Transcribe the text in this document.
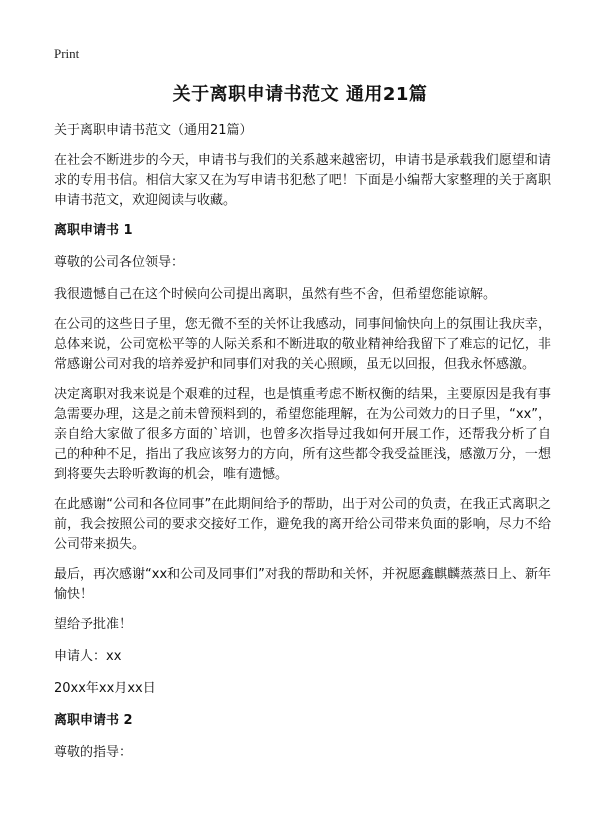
Print
关于离职申请书范文 通用21篇

关于离职申请书范文（通用21篇）

在社会不断进步的今天，申请书与我们的关系越来越密切，申请书是承载我们愿望和请求的专用书信。相信大家又在为写申请书犯愁了吧！下面是小编帮大家整理的关于离职申请书范文，欢迎阅读与收藏。

离职申请书 1

尊敬的公司各位领导：

我很遗憾自己在这个时候向公司提出离职，虽然有些不舍，但希望您能谅解。

在公司的这些日子里，您无微不至的关怀让我感动，同事间愉快向上的氛围让我庆幸，总体来说，公司宽松平等的人际关系和不断进取的敬业精神给我留下了难忘的记忆，非常感谢公司对我的培养爱护和同事们对我的关心照顾，虽无以回报，但我永怀感激。

决定离职对我来说是个艰难的过程，也是慎重考虑不断权衡的结果，主要原因是我有事急需要办理，这是之前未曾预料到的，希望您能理解，在为公司效力的日子里，“xx”，亲自给大家做了很多方面的`培训，也曾多次指导过我如何开展工作，还帮我分析了自己的种种不足，指出了我应该努力的方向，所有这些都令我受益匪浅，感激万分，一想到将要失去聆听教诲的机会，唯有遗憾。

在此感谢“公司和各位同事”在此期间给予的帮助，出于对公司的负责，在我正式离职之前，我会按照公司的要求交接好工作，避免我的离开给公司带来负面的影响，尽力不给公司带来损失。

最后，再次感谢“xx和公司及同事们”对我的帮助和关怀，并祝愿鑫麒麟蒸蒸日上、新年愉快！

望给予批准！

申请人：xx

20xx年xx月xx日

离职申请书 2

尊敬的指导：
